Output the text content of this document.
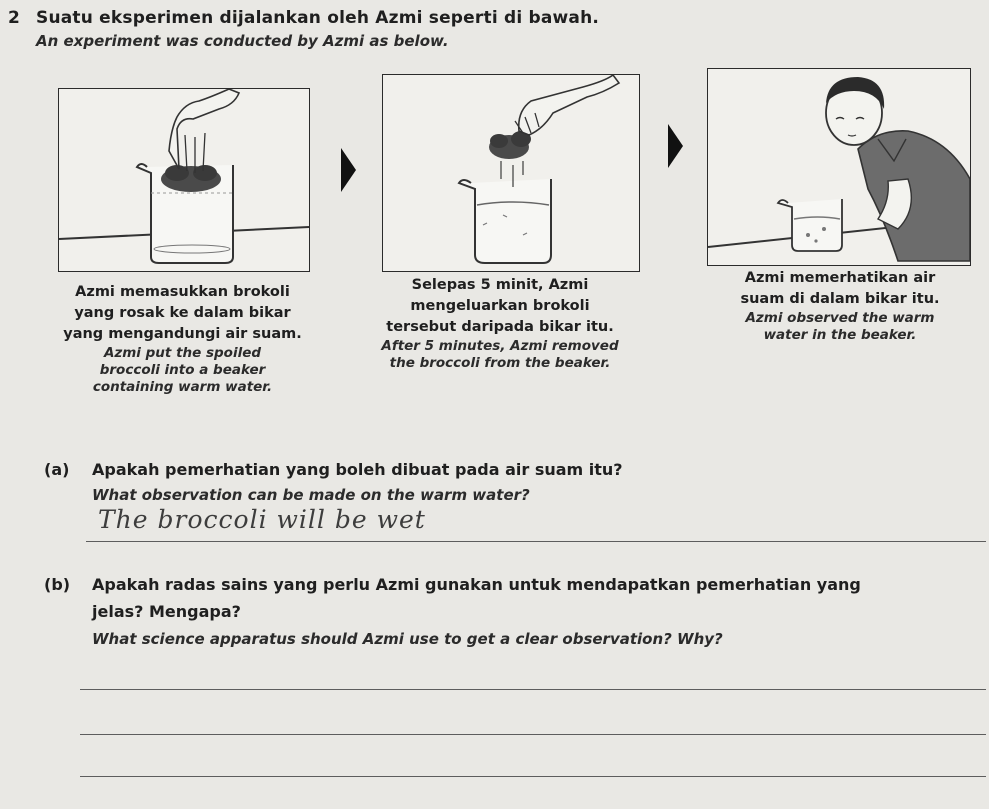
2 Suatu eksperimen dijalankan oleh Azmi seperti di bawah.
An experiment was conducted by Azmi as below.
Azmi memasukkan brokoli
yang rosak ke dalam bikar
yang mengandungi air suam.
Azmi put the spoiled
broccoli into a beaker
containing warm water.
Selepas 5 minit, Azmi
mengeluarkan brokoli
tersebut daripada bikar itu.
After 5 minutes, Azmi removed
the broccoli from the beaker.
Azmi memerhatikan air
suam di dalam bikar itu.
Azmi observed the warm
water in the beaker.
(a) Apakah pemerhatian yang boleh dibuat pada air suam itu?
What observation can be made on the warm water?
The broccoli will be wet
(b) Apakah radas sains yang perlu Azmi gunakan untuk mendapatkan pemerhatian yang
jelas? Mengapa?
What science apparatus should Azmi use to get a clear observation? Why?
